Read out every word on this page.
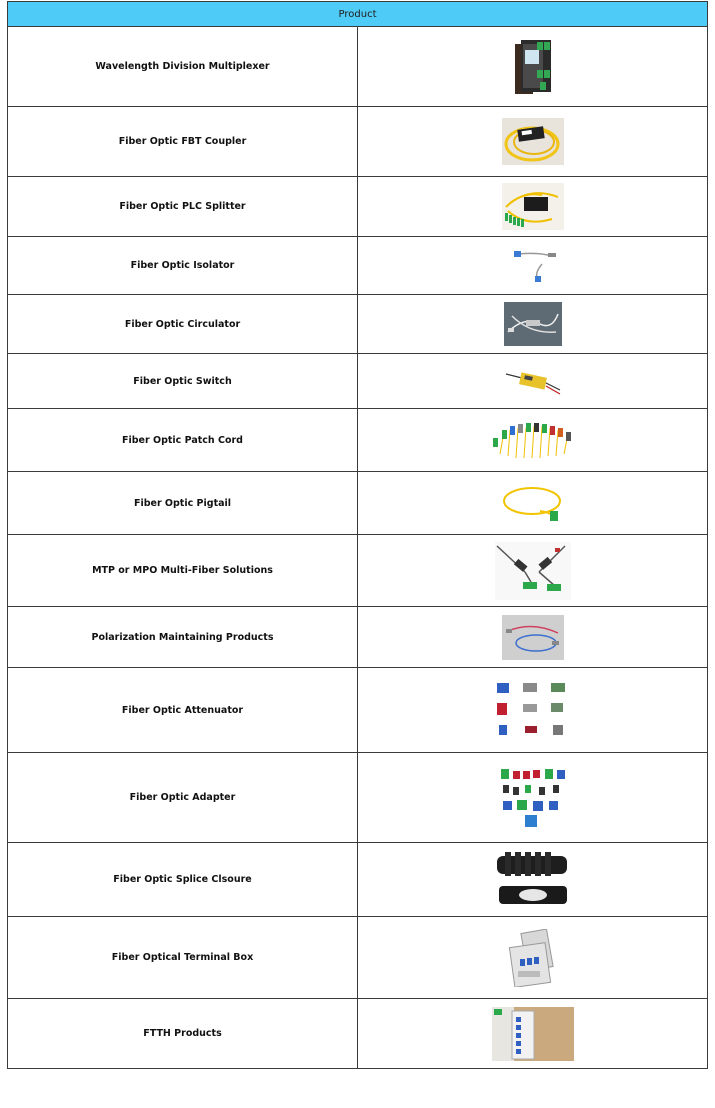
Product	
Wavelength Division Multiplexer	
Fiber Optic FBT Coupler	
Fiber Optic PLC Splitter	
Fiber Optic Isolator	
Fiber Optic Circulator	
Fiber Optic Switch	
Fiber Optic Patch Cord	
Fiber Optic Pigtail	
MTP or MPO Multi-Fiber Solutions	
Polarization Maintaining Products	
Fiber Optic Attenuator	
Fiber Optic Adapter	
Fiber Optic Splice Clsoure	
Fiber Optical Terminal Box	
FTTH Products	
